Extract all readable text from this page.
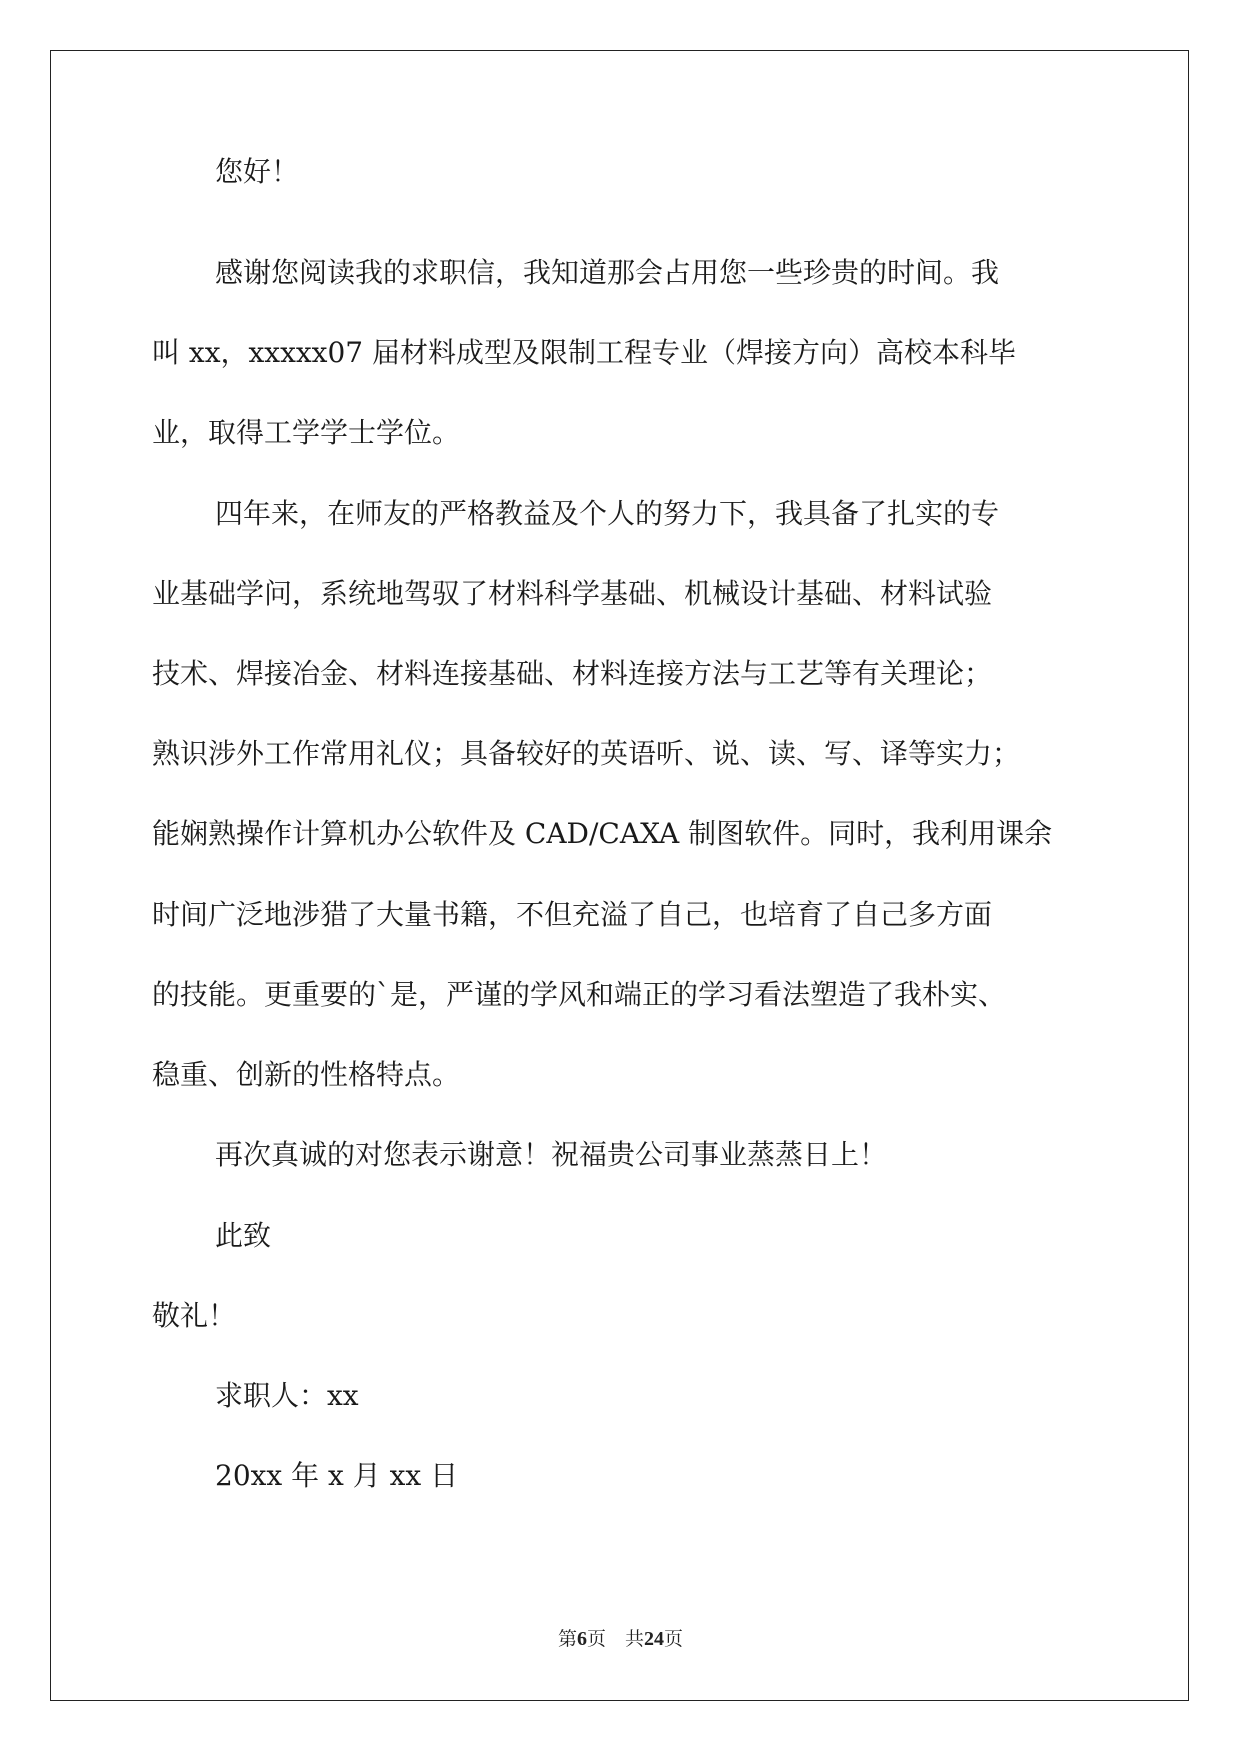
您好！

感谢您阅读我的求职信，我知道那会占用您一些珍贵的时间。我

叫 xx，xxxxx07 届材料成型及限制工程专业（焊接方向）高校本科毕

业，取得工学学士学位。

四年来，在师友的严格教益及个人的努力下，我具备了扎实的专

业基础学问，系统地驾驭了材料科学基础、机械设计基础、材料试验

技术、焊接冶金、材料连接基础、材料连接方法与工艺等有关理论；

熟识涉外工作常用礼仪；具备较好的英语听、说、读、写、译等实力；

能娴熟操作计算机办公软件及 CAD/CAXA 制图软件。同时，我利用课余

时间广泛地涉猎了大量书籍，不但充溢了自己，也培育了自己多方面

的技能。更重要的`是，严谨的学风和端正的学习看法塑造了我朴实、

稳重、创新的性格特点。

再次真诚的对您表示谢意！祝福贵公司事业蒸蒸日上！

此致

敬礼！

求职人：xx

20xx 年 x 月 xx 日

第6页　共24页
